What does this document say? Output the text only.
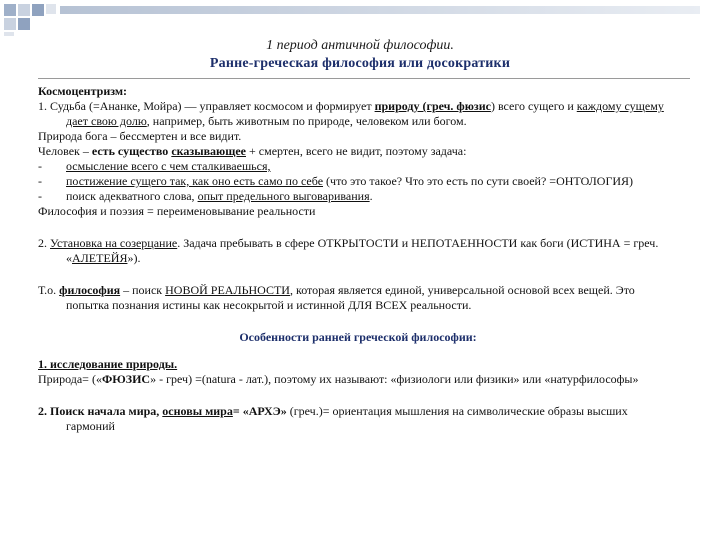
1 период античной философии.
Ранне-греческая философия или досократики

Космоцентризм:

1. Судьба (=Ананке, Мойра) — управляет космосом и формирует природу (греч. фюзис) всего сущего и каждому сущему дает свою долю, например, быть животным по природе, человеком или богом.

Природа бога – бессмертен и все видит.

Человек – есть существо сказывающее + смертен, всего не видит, поэтому задача:

- осмысление всего с чем сталкиваешься,

- постижение сущего так, как оно есть само по себе (что это такое? Что это есть по сути своей? =ОНТОЛОГИЯ)

- поиск адекватного слова, опыт предельного выговаривания.

Философия и поэзия = переименовывание реальности

2. Установка на созерцание. Задача пребывать в сфере ОТКРЫТОСТИ и НЕПОТАЕННОСТИ как боги (ИСТИНА = греч. «АЛЕТЕЙЯ»).

Т.о. философия – поиск НОВОЙ РЕАЛЬНОСТИ, которая является единой, универсальной основой всех вещей. Это попытка познания истины как несокрытой и истинной ДЛЯ ВСЕХ реальности.

Особенности ранней греческой философии:

1. исследование природы.

Природа= («ФЮЗИС» - греч) =(natura - лат.), поэтому их называют: «физиологи или физики» или «натурфилософы»

2. Поиск начала мира, основы мира= «АРХЭ» (греч.)= ориентация мышления на символические образы высших гармоний
